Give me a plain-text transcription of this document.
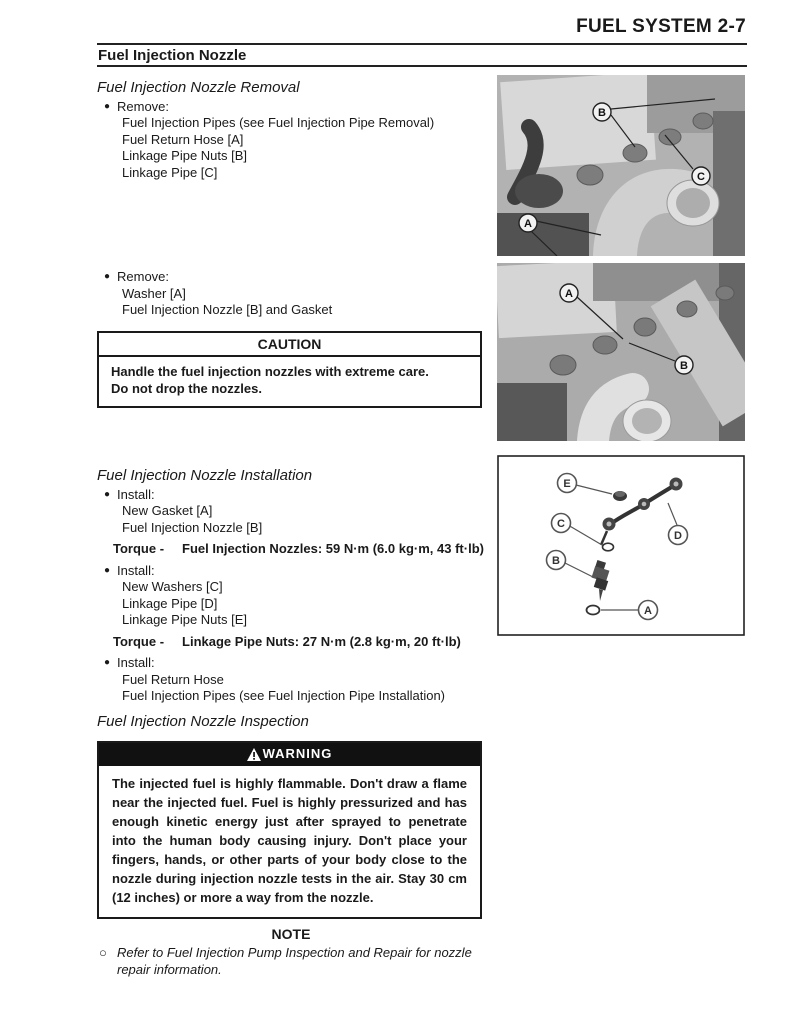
FUEL SYSTEM 2-7
Fuel Injection Nozzle

Fuel Injection Nozzle Removal

● Remove:
Fuel Injection Pipes (see Fuel Injection Pipe Removal)
Fuel Return Hose [A]
Linkage Pipe Nuts [B]
Linkage Pipe [C]
● Remove:
Washer [A]
Fuel Injection Nozzle [B] and Gasket
CAUTION
Handle the fuel injection nozzles with extreme care.
Do not drop the nozzles.

Fuel Injection Nozzle Installation

● Install:
New Gasket [A]
Fuel Injection Nozzle [B]
Torque - Fuel Injection Nozzles: 59 N·m (6.0 kg·m, 43 ft·lb)
● Install:
New Washers [C]
Linkage Pipe [D]
Linkage Pipe Nuts [E]
Torque - Linkage Pipe Nuts: 27 N·m (2.8 kg·m, 20 ft·lb)
● Install:
Fuel Return Hose
Fuel Injection Pipes (see Fuel Injection Pipe Installation)

Fuel Injection Nozzle Inspection

WARNING
The injected fuel is highly flammable. Don't draw a flame near the injected fuel. Fuel is highly pressurized and has enough kinetic energy just after sprayed to penetrate into the human body causing injury. Don't place your fingers, hands, or other parts of your body close to the nozzle during injection nozzle tests in the air. Stay 30 cm (12 inches) or more a way from the nozzle.
NOTE
○ Refer to Fuel Injection Pump Inspection and Repair for nozzle repair information.
B
C
A
A
B
E
D
C
B
A
